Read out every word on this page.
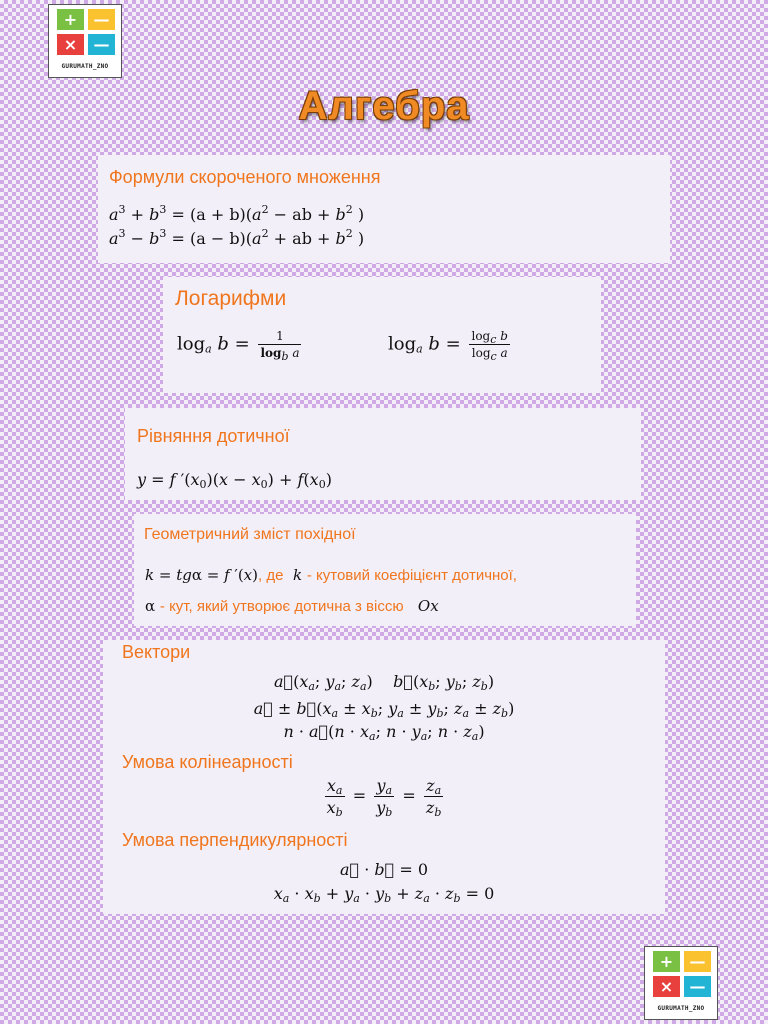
+	—
×	—
GURUMATH_ZNO
Алгебра
Формули скороченого множення
$a^3 + b^3 = (a + b)(a^2$ − ab + $b^2$ )
$a^3 - b^3 = (a - b)(a^2$ + ab + $b^2$ )
Логарифми
$\log_a b = \frac{1}{\log_b a}$	$\log_a b = \frac{\log_c b}{\log_c a}$
Рівняння дотичної
y = f $'(x_0)(x - x_0) + f(x_0)$
Геометричний зміст похідної
k = tgα = f ′(x), де k - кутовий коефіцієнт дотичної,
α - кут, який утворює дотична з віссю Ox
Вектори
$a⃗(x_a$; $y_a$; $z_a$)    $b⃗(x_b$; $y_b$; $z_b$)
a⃗ ± $b⃗(x_a \pm x_b$; $y_a \pm y_b$; $z_a \pm z_b$)
n · a⃗(n · $x_a$; $n \cdot y_a$; $n \cdot z_a$)
Умова колінеарності
$\frac{x_a}{x_b} = \frac{y_a}{y_b} = \frac{z_a}{z_b}$
Умова перпендикулярності
a⃗ · b⃗ = 0
$x_a \cdot x_b + y_a \cdot y_b + z_a \cdot z_b = 0$
+	—
×	—
GURUMATH_ZNO
